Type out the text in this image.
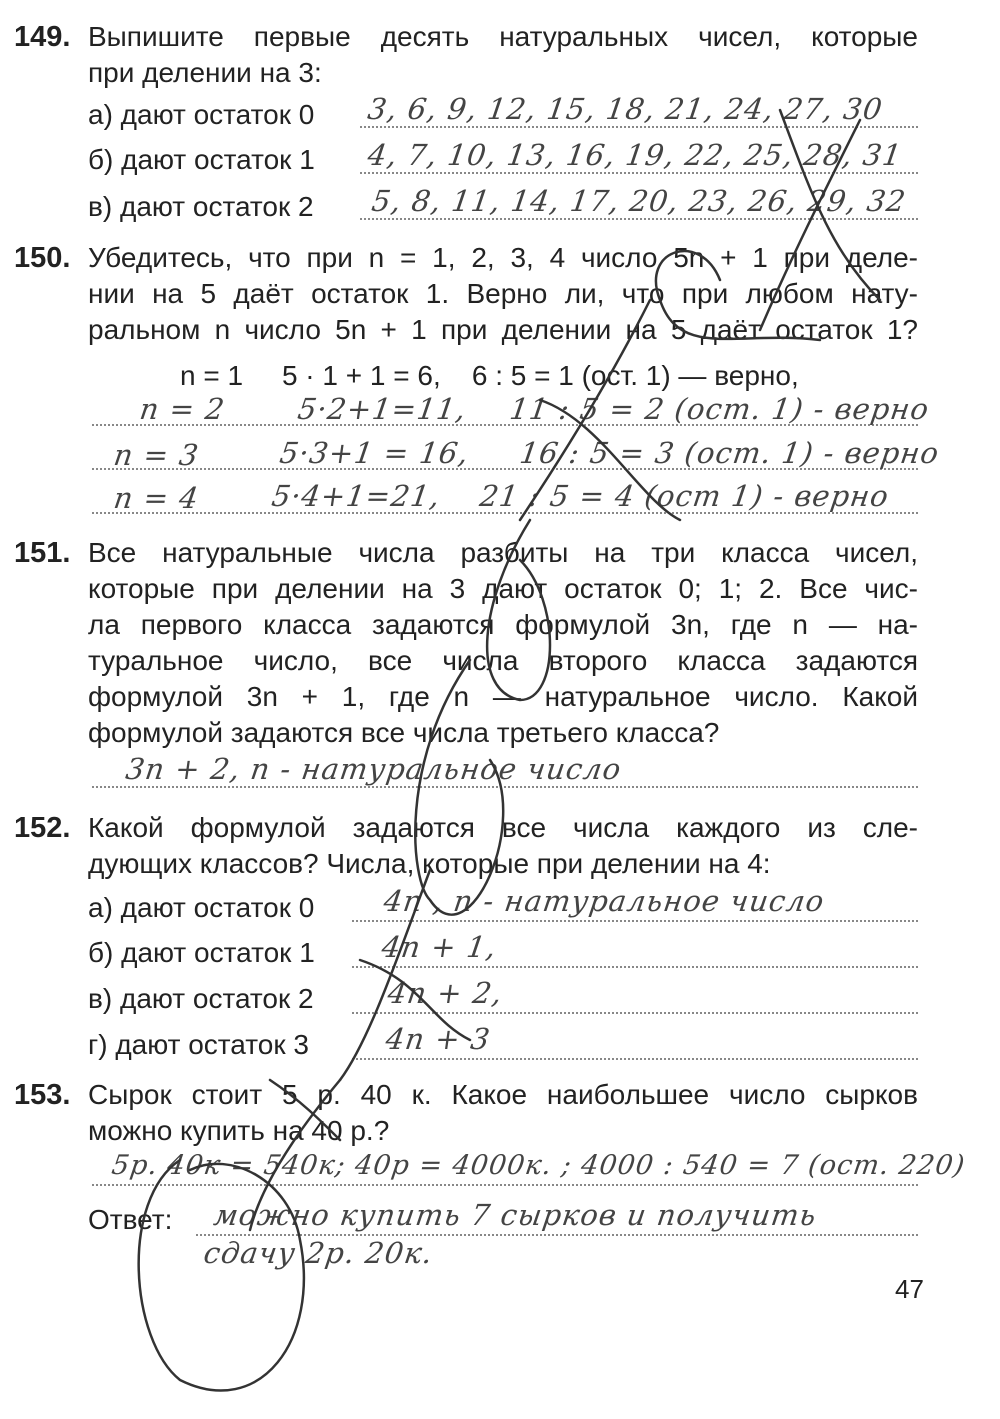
149. Выпишите первые десять натуральных чисел, которые
при делении на 3:
а) дают остаток 0
б) дают остаток 1
в) дают остаток 2
3, 6, 9, 12, 15, 18, 21, 24, 27, 30
4, 7, 10, 13, 16, 19, 22, 25, 28, 31
5, 8, 11, 14, 17, 20, 23, 26, 29, 32
150. Убедитесь, что при n = 1, 2, 3, 4 число 5n + 1 при деле-
нии на 5 даёт остаток 1. Верно ли, что при любом нату-
ральном n число 5n + 1 при делении на 5 даёт остаток 1?
n = 1     5 · 1 + 1 = 6,    6 : 5 = 1 (ост. 1) — верно,
n = 2 5·2+1=11, 11 : 5 = 2 (ост. 1) - верно
n = 3	5·3+1 = 16, 16 : 5 = 3 (ост. 1) - верно
n = 4 5·4+1=21, 21 : 5 = 4 (ост 1) - верно
151. Все натуральные числа разбиты на три класса чисел,
которые при делении на 3 дают остаток 0; 1; 2. Все чис-
ла первого класса задаются формулой 3n, где n — на-
туральное число, все числа второго класса задаются
формулой 3n + 1, где n — натуральное число. Какой
формулой задаются все числа третьего класса?
3n + 2, n - натуральное число
152. Какой формулой задаются все числа каждого из сле-
дующих классов? Числа, которые при делении на 4:
а) дают остаток 0
б) дают остаток 1
в) дают остаток 2
г) дают остаток 3
4n , n - натуральное число
4n + 1,
4n + 2,
4n + 3
153. Сырок стоит 5 р. 40 к. Какое наибольшее число сырков
можно купить на 40 р.?
5р. 40к = 540к; 40р = 4000к. ; 4000 : 540 = 7 (ост. 220)
Ответ: можно купить 7 сырков и получить
сдачу 2р. 20к.
47
